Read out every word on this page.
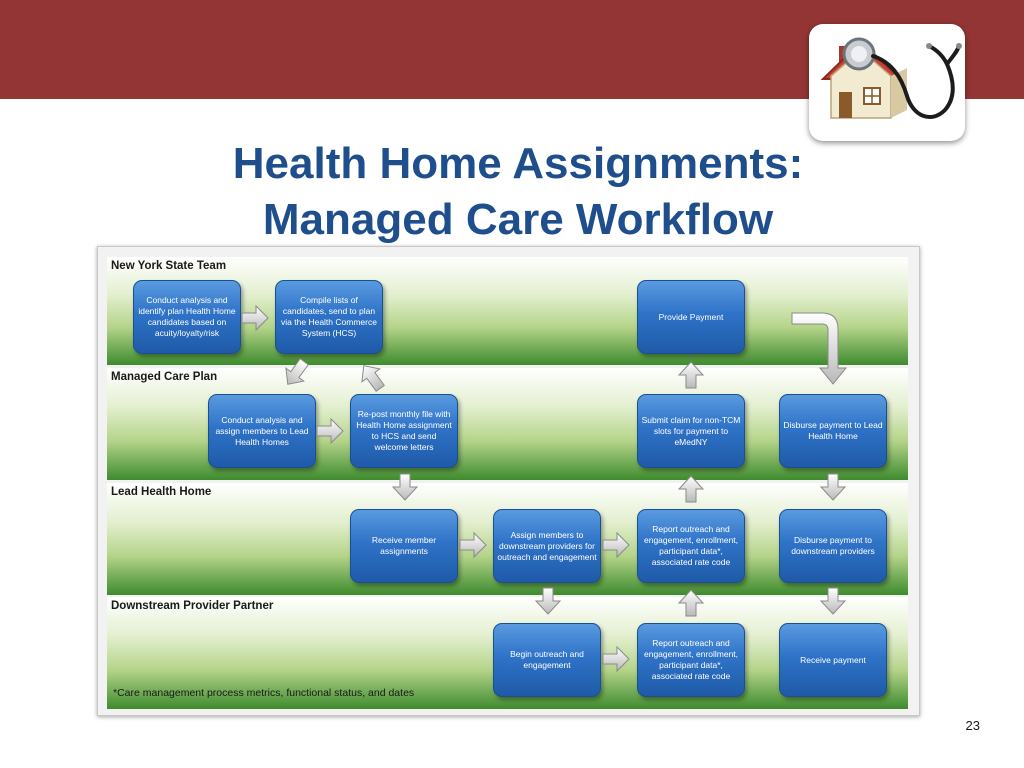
Health Home Assignments:
Managed Care Workflow
New York State Team
Managed Care Plan
Lead Health Home
Downstream Provider Partner
Conduct analysis and identify plan Health Home candidates based on acuity/loyalty/risk
Compile lists of candidates, send to plan via the Health Commerce System (HCS)
Provide Payment
Conduct analysis and assign members to Lead Health Homes
Re-post monthly file with Health Home assignment to HCS and send welcome letters
Submit claim for non-TCM slots for payment to eMedNY
Disburse payment to Lead Health Home
Receive member assignments
Assign members to downstream providers for outreach and engagement
Report outreach and engagement, enrollment, participant data*, associated rate code
Disburse payment to downstream providers
Begin outreach and engagement
Report outreach and engagement, enrollment, participant data*, associated rate code
Receive payment
*Care management process metrics, functional status, and dates
23
